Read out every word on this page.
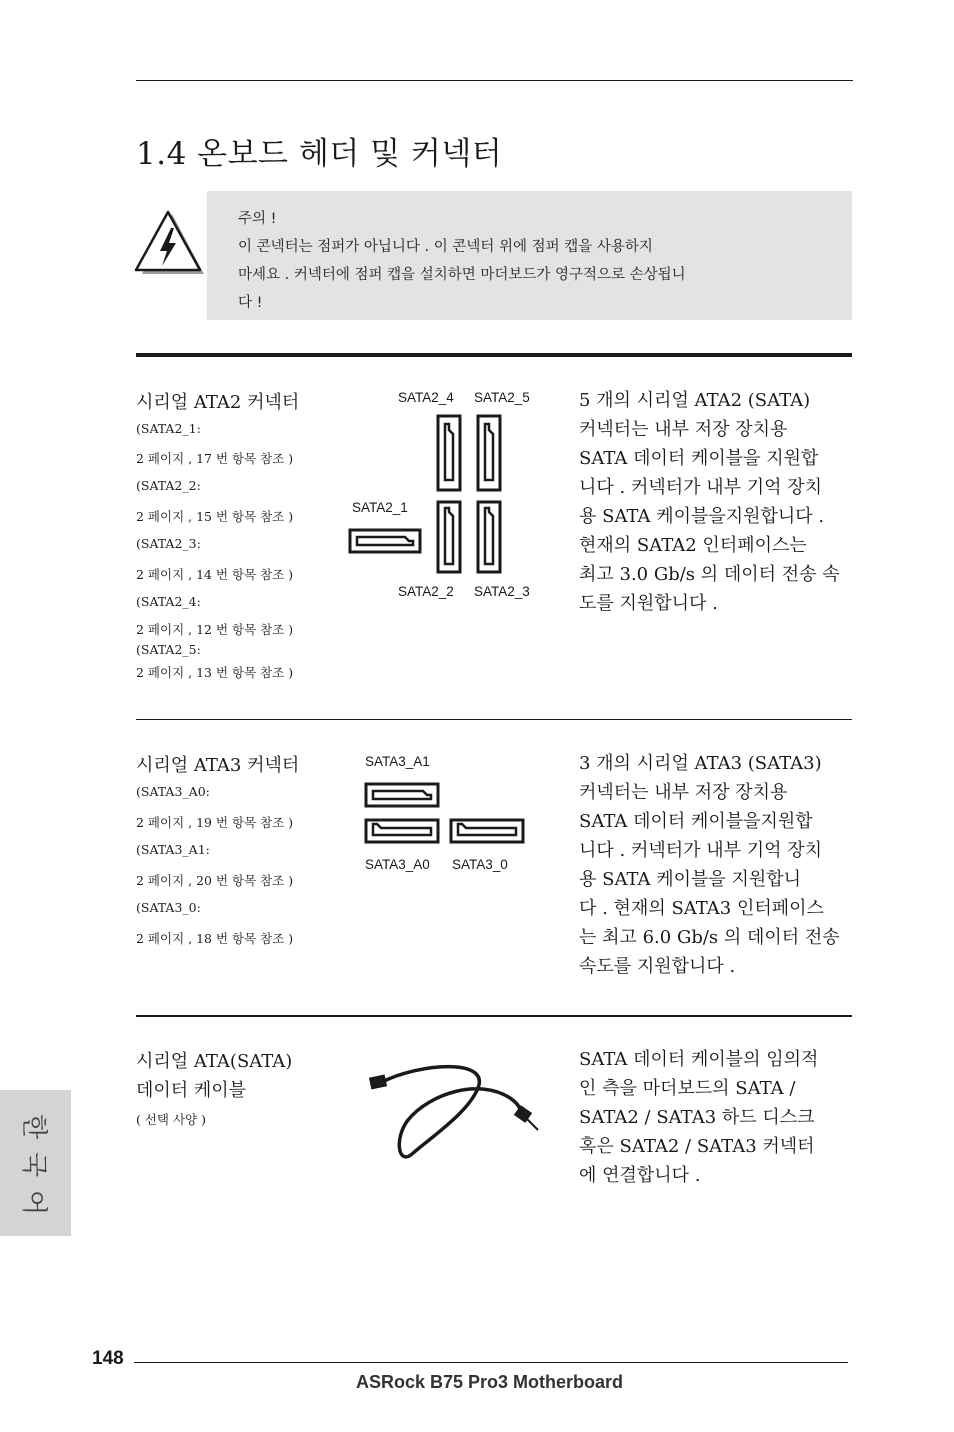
1.4 온보드 헤더 및 커넥터
주의 !
이 콘넥터는 점퍼가 아닙니다 . 이 콘넥터 위에 점퍼 캡을 사용하지
마세요 . 커넥터에 점퍼 캡을 설치하면 마더보드가 영구적으로 손상됩니
다 !
시리얼 ATA2 커넥터
(SATA2_1:
2 페이지 , 17 번 항목 참조 )
(SATA2_2:
2 페이지 , 15 번 항목 참조 )
(SATA2_3:
2 페이지 , 14 번 항목 참조 )
(SATA2_4:
2 페이지 , 12 번 항목 참조 )
(SATA2_5:
2 페이지 , 13 번 항목 참조 )
SATA2_4 SATA2_5
SATA2_1
SATA2_2 SATA2_3
5 개의 시리얼 ATA2 (SATA)
커넥터는 내부 저장 장치용
SATA 데이터 케이블을 지원합
니다 . 커넥터가 내부 기억 장치
용 SATA 케이블을지원합니다 .
현재의 SATA2 인터페이스는
최고 3.0 Gb/s 의 데이터 전송 속
도를 지원합니다 .
시리얼 ATA3 커넥터
(SATA3_A0:
2 페이지 , 19 번 항목 참조 )
(SATA3_A1:
2 페이지 , 20 번 항목 참조 )
(SATA3_0:
2 페이지 , 18 번 항목 참조 )
SATA3_A1
SATA3_A0 SATA3_0
3 개의 시리얼 ATA3 (SATA3)
커넥터는 내부 저장 장치용
SATA 데이터 케이블을지원합
니다 . 커넥터가 내부 기억 장치
용 SATA 케이블을 지원합니
다 . 현재의 SATA3 인터페이스
는 최고 6.0 Gb/s 의 데이터 전송
속도를 지원합니다 .
시리얼 ATA(SATA)
데이터 케이블
( 선택 사양 )
SATA 데이터 케이블의 임의적
인 측을 마더보드의 SATA /
SATA2 / SATA3 하드 디스크
혹은 SATA2 / SATA3 커넥터
에 연결합니다 .
한
국
어
148
ASRock B75 Pro3 Motherboard
